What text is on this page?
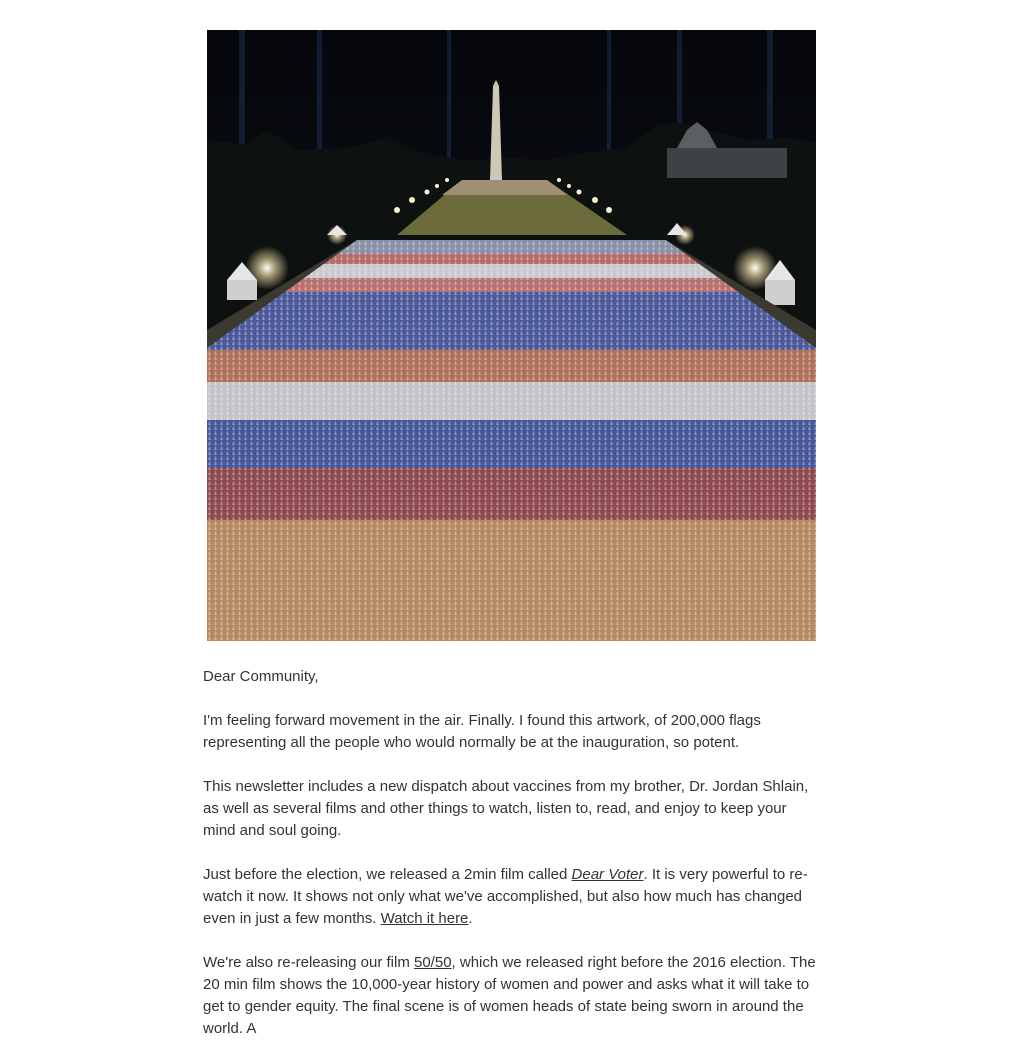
Dear Community,

I'm feeling forward movement in the air. Finally. I found this artwork, of 200,000 flags representing all the people who would normally be at the inauguration, so potent.

This newsletter includes a new dispatch about vaccines from my brother, Dr. Jordan Shlain, as well as several films and other things to watch, listen to, read, and enjoy to keep your mind and soul going.

Just before the election, we released a 2min film called Dear Voter. It is very powerful to re-watch it now. It shows not only what we've accomplished, but also how much has changed even in just a few months. Watch it here.

We're also re-releasing our film 50/50, which we released right before the 2016 election. The 20 min film shows the 10,000-year history of women and power and asks what it will take to get to gender equity. The final scene is of women heads of state being sworn in around the world. A
